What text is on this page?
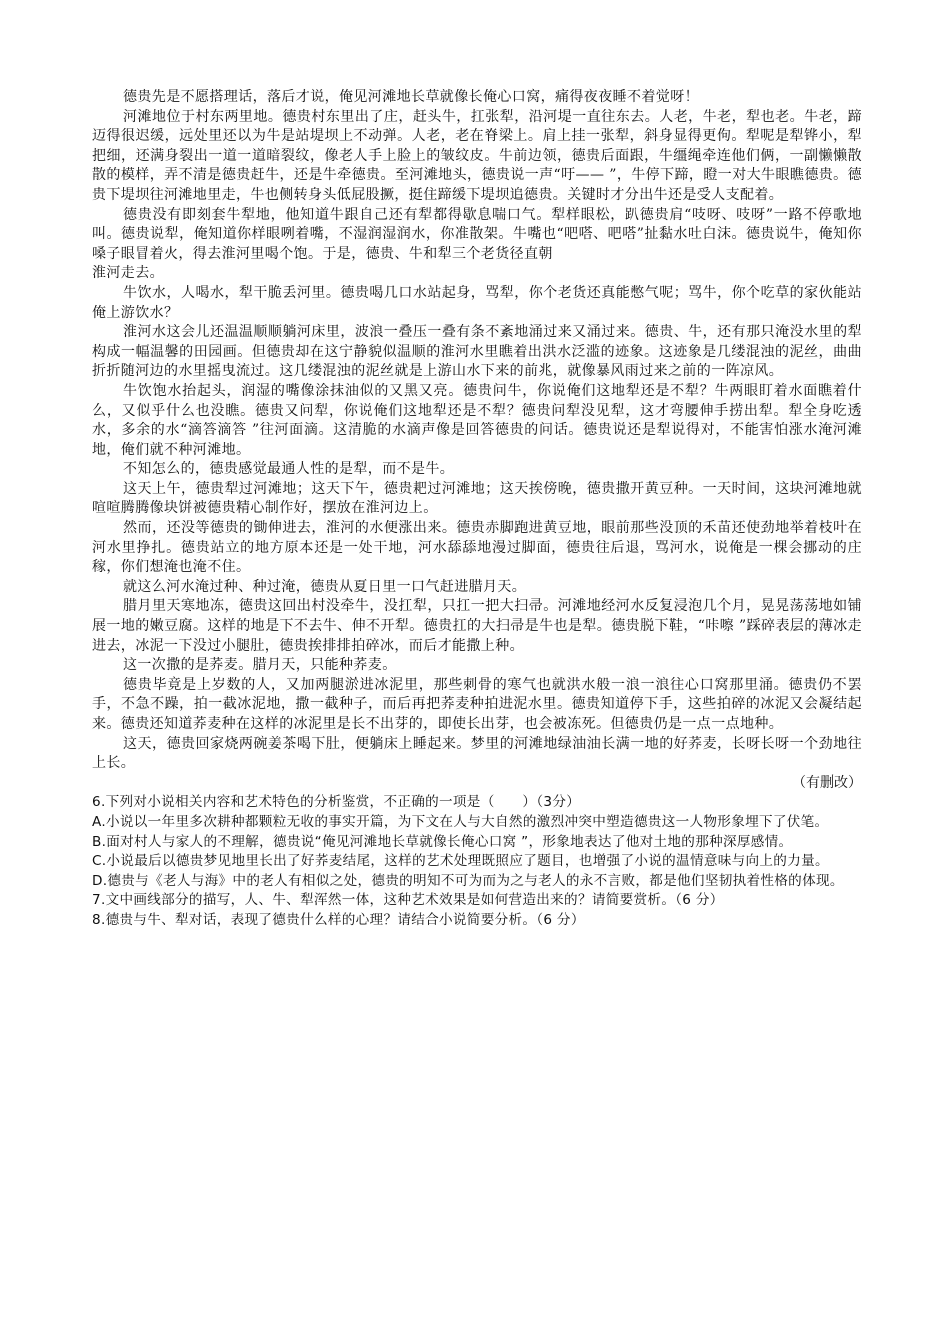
德贵先是不愿搭理话，落后才说，俺见河滩地长草就像长俺心口窝，痛得夜夜睡不着觉呀！

河滩地位于村东两里地。德贵村东里出了庄，赶头牛，扛张犁，沿河堤一直往东去。人老，牛老，犁也老。牛老，蹄迈得很迟缓，远处里还以为牛是站堤坝上不动弹。人老，老在脊梁上。肩上挂一张犁，斜身显得更佝。犁呢是犁铧小，犁把细，还满身裂出一道一道暗裂纹，像老人手上脸上的皱纹皮。牛前边领，德贵后面跟，牛缰绳牵连他们俩，一副懒懒散散的模样，弄不清是德贵赶牛，还是牛牵德贵。至河滩地头，德贵说一声“吁—— ”，牛停下蹄，瞪一对大牛眼瞧德贵。德贵下堤坝往河滩地里走，牛也侧转身头低屁股撅，挺住蹄缓下堤坝追德贵。关键时才分出牛还是受人支配着。

德贵没有即刻套牛犁地，他知道牛跟自己还有犁都得歇息喘口气。犁样眼松，趴德贵肩“吱呀、吱呀”一路不停歌地叫。德贵说犁，俺知道你样眼咧着嘴，不湿润湿润水，你准散架。牛嘴也“吧嗒、吧嗒”扯黏水吐白沫。德贵说牛，俺知你嗓子眼冒着火，得去淮河里喝个饱。于是，德贵、牛和犁三个老货径直朝

淮河走去。

牛饮水，人喝水，犁干脆丢河里。德贵喝几口水站起身，骂犁，你个老货还真能憋气呢；骂牛，你个吃草的家伙能站俺上游饮水？

淮河水这会儿还温温顺顺躺河床里，波浪一叠压一叠有条不紊地涌过来又涌过来。德贵、牛，还有那只淹没水里的犁构成一幅温馨的田园画。但德贵却在这宁静貌似温顺的淮河水里瞧着出洪水泛滥的迹象。这迹象是几缕混浊的泥丝，曲曲折折随河边的水里摇曳流过。这几缕混浊的泥丝就是上游山水下来的前兆，就像暴风雨过来之前的一阵凉风。

牛饮饱水抬起头，润湿的嘴像涂抹油似的又黑又亮。德贵问牛，你说俺们这地犁还是不犁？牛两眼盯着水面瞧着什么，又似乎什么也没瞧。德贵又问犁，你说俺们这地犁还是不犁？德贵问犁没见犁，这才弯腰伸手捞出犁。犁全身吃透水，多余的水“滴答滴答 ”往河面滴。这清脆的水滴声像是回答德贵的问话。德贵说还是犁说得对，不能害怕涨水淹河滩地，俺们就不种河滩地。

不知怎么的，德贵感觉最通人性的是犁，而不是牛。

这天上午，德贵犁过河滩地；这天下午，德贵耙过河滩地；这天挨傍晚，德贵撒开黄豆种。一天时间，这块河滩地就喧喧腾腾像块饼被德贵精心制作好，摆放在淮河边上。

然而，还没等德贵的锄伸进去，淮河的水便涨出来。德贵赤脚跑进黄豆地，眼前那些没顶的禾苗还使劲地举着枝叶在河水里挣扎。德贵站立的地方原本还是一处干地，河水舔舔地漫过脚面，德贵往后退，骂河水，说俺是一棵会挪动的庄稼，你们想淹也淹不住。

就这么河水淹过种、种过淹，德贵从夏日里一口气赶进腊月天。

腊月里天寒地冻，德贵这回出村没牵牛，没扛犁，只扛一把大扫帚。河滩地经河水反复浸泡几个月，晃晃荡荡地如铺展一地的嫩豆腐。这样的地是下不去牛、伸不开犁。德贵扛的大扫帚是牛也是犁。德贵脱下鞋，“咔嚓 ”踩碎表层的薄冰走进去，冰泥一下没过小腿肚，德贵挨排排拍碎冰，而后才能撒上种。

这一次撒的是荞麦。腊月天，只能种荞麦。

德贵毕竟是上岁数的人，又加两腿淤进冰泥里，那些刺骨的寒气也就洪水般一浪一浪往心口窝那里涌。德贵仍不罢手，不急不躁，拍一截冰泥地，撒一截种子，而后再把荞麦种拍进泥水里。德贵知道停下手，这些拍碎的冰泥又会凝结起来。德贵还知道荞麦种在这样的冰泥里是长不出芽的，即使长出芽，也会被冻死。但德贵仍是一点一点地种。

这天，德贵回家烧两碗姜茶喝下肚，便躺床上睡起来。梦里的河滩地绿油油长满一地的好荞麦，长呀长呀一个劲地往上长。

（有删改）

6.下列对小说相关内容和艺术特色的分析鉴赏，不正确的一项是（　　）（3分）

A.小说以一年里多次耕种都颗粒无收的事实开篇，为下文在人与大自然的激烈冲突中塑造德贵这一人物形象埋下了伏笔。

B.面对村人与家人的不理解，德贵说“俺见河滩地长草就像长俺心口窝 ”，形象地表达了他对土地的那种深厚感情。

C.小说最后以德贵梦见地里长出了好荞麦结尾，这样的艺术处理既照应了题目，也增强了小说的温情意味与向上的力量。

D.德贵与《老人与海》中的老人有相似之处，德贵的明知不可为而为之与老人的永不言败，都是他们坚韧执着性格的体现。

7.文中画线部分的描写，人、牛、犁浑然一体，这种艺术效果是如何营造出来的？请简要赏析。（6 分）

8.德贵与牛、犁对话，表现了德贵什么样的心理？请结合小说简要分析。（6 分）
